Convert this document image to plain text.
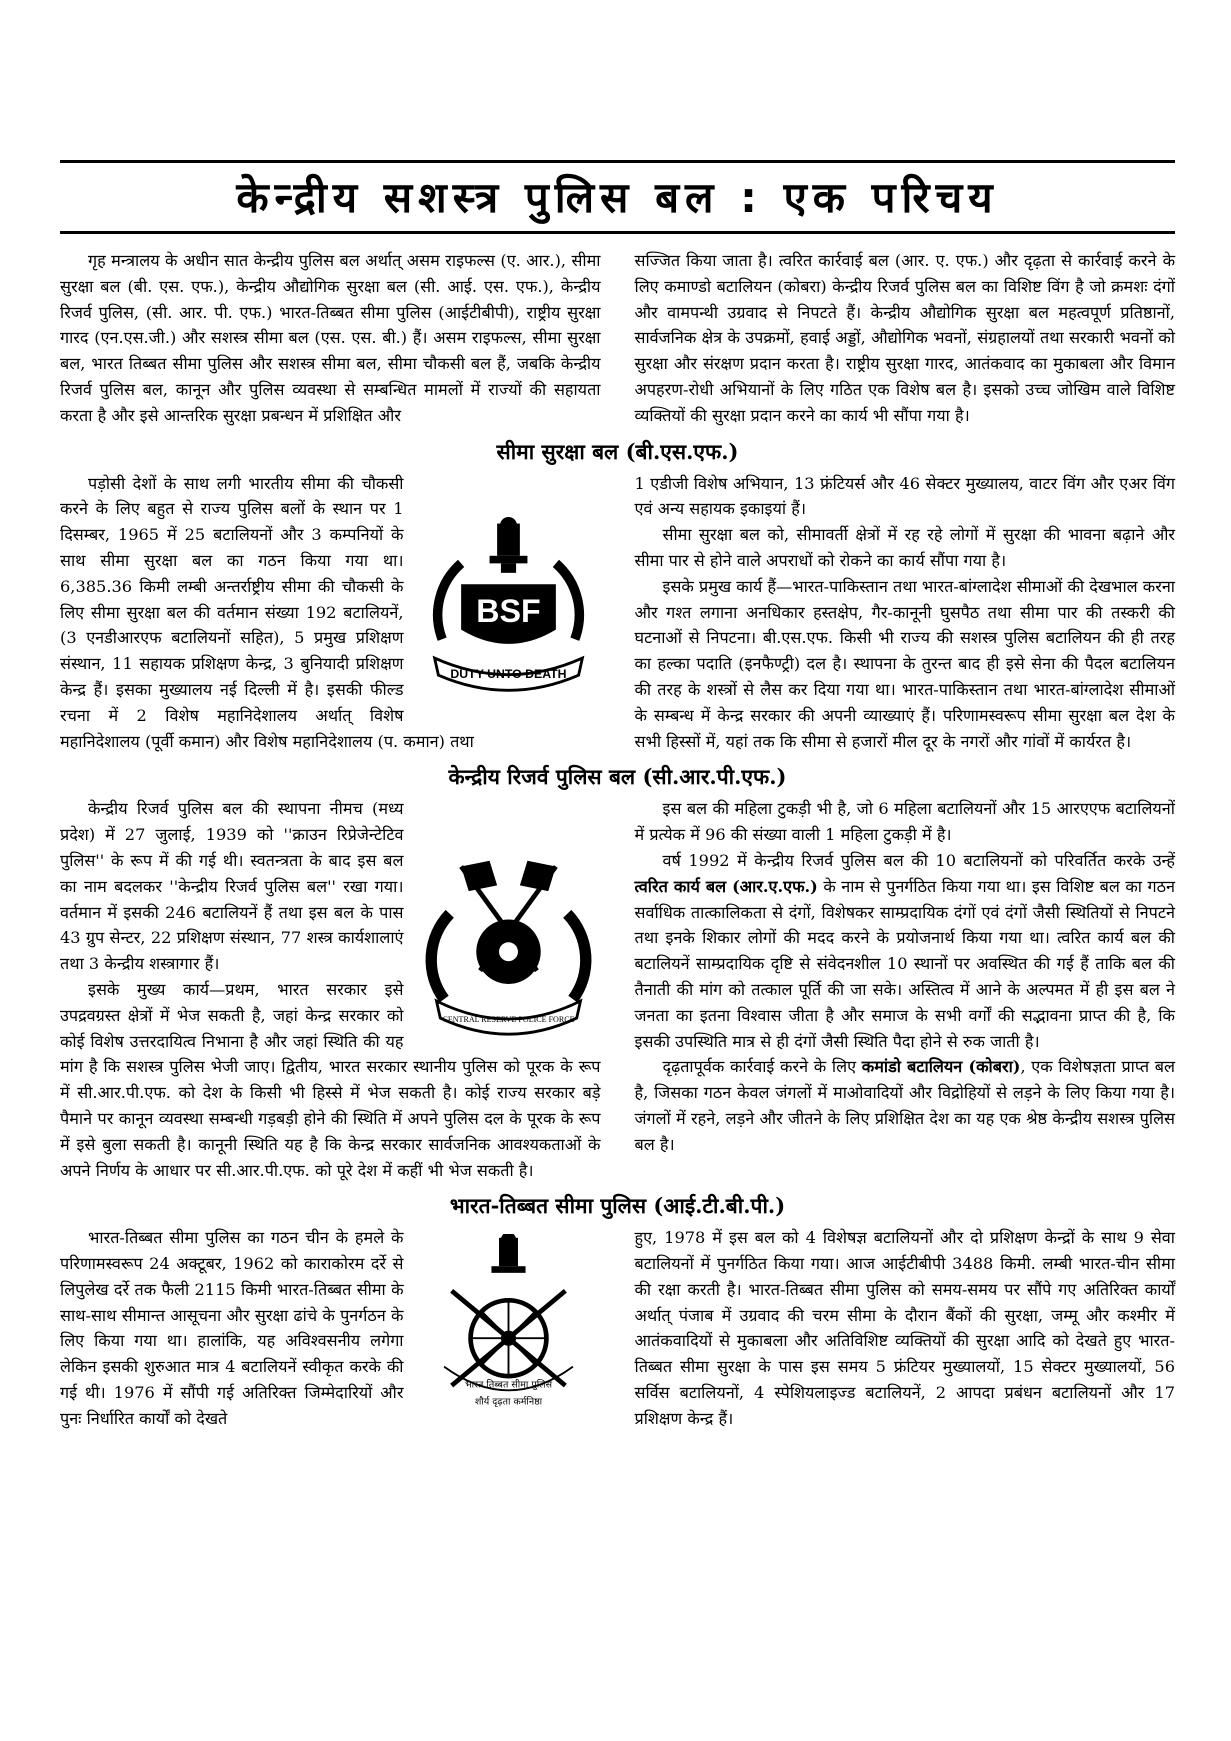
केन्द्रीय सशस्त्र पुलिस बल : एक परिचय

गृह मन्त्रालय के अधीन सात केन्द्रीय पुलिस बल अर्थात् असम राइफल्स (ए. आर.), सीमा सुरक्षा बल (बी. एस. एफ.), केन्द्रीय औद्योगिक सुरक्षा बल (सी. आई. एस. एफ.), केन्द्रीय रिजर्व पुलिस, (सी. आर. पी. एफ.) भारत-तिब्बत सीमा पुलिस (आईटीबीपी), राष्ट्रीय सुरक्षा गारद (एन.एस.जी.) और सशस्त्र सीमा बल (एस. एस. बी.) हैं। असम राइफल्स, सीमा सुरक्षा बल, भारत तिब्बत सीमा पुलिस और सशस्त्र सीमा बल, सीमा चौकसी बल हैं, जबकि केन्द्रीय रिजर्व पुलिस बल, कानून और पुलिस व्यवस्था से सम्बन्धित मामलों में राज्यों की सहायता करता है और इसे आन्तरिक सुरक्षा प्रबन्धन में प्रशिक्षित और

सज्जित किया जाता है। त्वरित कार्रवाई बल (आर. ए. एफ.) और दृढ़ता से कार्रवाई करने के लिए कमाण्डो बटालियन (कोबरा) केन्द्रीय रिजर्व पुलिस बल का विशिष्ट विंग है जो क्रमशः दंगों और वामपन्थी उग्रवाद से निपटते हैं। केन्द्रीय औद्योगिक सुरक्षा बल महत्वपूर्ण प्रतिष्ठानों, सार्वजनिक क्षेत्र के उपक्रमों, हवाई अड्डों, औद्योगिक भवनों, संग्रहालयों तथा सरकारी भवनों को सुरक्षा और संरक्षण प्रदान करता है। राष्ट्रीय सुरक्षा गारद, आतंकवाद का मुकाबला और विमान अपहरण-रोधी अभियानों के लिए गठित एक विशेष बल है। इसको उच्च जोखिम वाले विशिष्ट व्यक्तियों की सुरक्षा प्रदान करने का कार्य भी सौंपा गया है।

सीमा सुरक्षा बल (बी.एस.एफ.)
BSF
DUTY UNTO DEATH

पड़ोसी देशों के साथ लगी भारतीय सीमा की चौकसी करने के लिए बहुत से राज्य पुलिस बलों के स्थान पर 1 दिसम्बर, 1965 में 25 बटालियनों और 3 कम्पनियों के साथ सीमा सुरक्षा बल का गठन किया गया था। 6,385.36 किमी लम्बी अन्तर्राष्ट्रीय सीमा की चौकसी के लिए सीमा सुरक्षा बल की वर्तमान संख्या 192 बटालियनें, (3 एनडीआरएफ बटालियनों सहित), 5 प्रमुख प्रशिक्षण संस्थान, 11 सहायक प्रशिक्षण केन्द्र, 3 बुनियादी प्रशिक्षण केन्द्र हैं। इसका मुख्यालय नई दिल्ली में है। इसकी फील्ड रचना में 2 विशेष महानिदेशालय अर्थात् विशेष महानिदेशालय (पूर्वी कमान) और विशेष महानिदेशालय (प. कमान) तथा

1 एडीजी विशेष अभियान, 13 फ्रंटियर्स और 46 सेक्टर मुख्यालय, वाटर विंग और एअर विंग एवं अन्य सहायक इकाइयां हैं।

सीमा सुरक्षा बल को, सीमावर्ती क्षेत्रों में रह रहे लोगों में सुरक्षा की भावना बढ़ाने और सीमा पार से होने वाले अपराधों को रोकने का कार्य सौंपा गया है।

इसके प्रमुख कार्य हैं—भारत-पाकिस्तान तथा भारत-बांग्लादेश सीमाओं की देखभाल करना और गश्त लगाना अनधिकार हस्तक्षेप, गैर-कानूनी घुसपैठ तथा सीमा पार की तस्करी की घटनाओं से निपटना। बी.एस.एफ. किसी भी राज्य की सशस्त्र पुलिस बटालियन की ही तरह का हल्का पदाति (इनफैण्ट्री) दल है। स्थापना के तुरन्त बाद ही इसे सेना की पैदल बटालियन की तरह के शस्त्रों से लैस कर दिया गया था। भारत-पाकिस्तान तथा भारत-बांग्लादेश सीमाओं के सम्बन्ध में केन्द्र सरकार की अपनी व्याख्याएं हैं। परिणामस्वरूप सीमा सुरक्षा बल देश के सभी हिस्सों में, यहां तक कि सीमा से हजारों मील दूर के नगरों और गांवों में कार्यरत है।

केन्द्रीय रिजर्व पुलिस बल (सी.आर.पी.एफ.)
CENTRAL RESERVE POLICE FORCE

केन्द्रीय रिजर्व पुलिस बल की स्थापना नीमच (मध्य प्रदेश) में 27 जुलाई, 1939 को ''क्राउन रिप्रेजेन्टेटिव पुलिस'' के रूप में की गई थी। स्वतन्त्रता के बाद इस बल का नाम बदलकर ''केन्द्रीय रिजर्व पुलिस बल'' रखा गया। वर्तमान में इसकी 246 बटालियनें हैं तथा इस बल के पास 43 ग्रुप सेन्टर, 22 प्रशिक्षण संस्थान, 77 शस्त्र कार्यशालाएं तथा 3 केन्द्रीय शस्त्रागार हैं।

इसके मुख्य कार्य—प्रथम, भारत सरकार इसे उपद्रवग्रस्त क्षेत्रों में भेज सकती है, जहां केन्द्र सरकार को कोई विशेष उत्तरदायित्व निभाना है और जहां स्थिति की यह मांग है कि सशस्त्र पुलिस भेजी जाए। द्वितीय, भारत सरकार स्थानीय पुलिस को पूरक के रूप में सी.आर.पी.एफ. को देश के किसी भी हिस्से में भेज सकती है। कोई राज्य सरकार बड़े पैमाने पर कानून व्यवस्था सम्बन्धी गड़बड़ी होने की स्थिति में अपने पुलिस दल के पूरक के रूप में इसे बुला सकती है। कानूनी स्थिति यह है कि केन्द्र सरकार सार्वजनिक आवश्यकताओं के अपने निर्णय के आधार पर सी.आर.पी.एफ. को पूरे देश में कहीं भी भेज सकती है।

इस बल की महिला टुकड़ी भी है, जो 6 महिला बटालियनों और 15 आरएएफ बटालियनों में प्रत्येक में 96 की संख्या वाली 1 महिला टुकड़ी में है।

वर्ष 1992 में केन्द्रीय रिजर्व पुलिस बल की 10 बटालियनों को परिवर्तित करके उन्हें त्वरित कार्य बल (आर.ए.एफ.) के नाम से पुनर्गठित किया गया था। इस विशिष्ट बल का गठन सर्वाधिक तात्कालिकता से दंगों, विशेषकर साम्प्रदायिक दंगों एवं दंगों जैसी स्थितियों से निपटने तथा इनके शिकार लोगों की मदद करने के प्रयोजनार्थ किया गया था। त्वरित कार्य बल की बटालियनें साम्प्रदायिक दृष्टि से संवेदनशील 10 स्थानों पर अवस्थित की गई हैं ताकि बल की तैनाती की मांग को तत्काल पूर्ति की जा सके। अस्तित्व में आने के अल्पमत में ही इस बल ने जनता का इतना विश्वास जीता है और समाज के सभी वर्गों की सद्भावना प्राप्त की है, कि इसकी उपस्थिति मात्र से ही दंगों जैसी स्थिति पैदा होने से रुक जाती है।

दृढ़तापूर्वक कार्रवाई करने के लिए कमांडो बटालियन (कोबरा), एक विशेषज्ञता प्राप्त बल है, जिसका गठन केवल जंगलों में माओवादियों और विद्रोहियों से लड़ने के लिए किया गया है। जंगलों में रहने, लड़ने और जीतने के लिए प्रशिक्षित देश का यह एक श्रेष्ठ केन्द्रीय सशस्त्र पुलिस बल है।

भारत-तिब्बत सीमा पुलिस (आई.टी.बी.पी.)
भारत तिब्बत सीमा पुलिस
शौर्य दृढ़ता कर्मनिष्ठा

भारत-तिब्बत सीमा पुलिस का गठन चीन के हमले के परिणामस्वरूप 24 अक्टूबर, 1962 को काराकोरम दर्रे से लिपुलेख दर्रे तक फैली 2115 किमी भारत-तिब्बत सीमा के साथ-साथ सीमान्त आसूचना और सुरक्षा ढांचे के पुनर्गठन के लिए किया गया था। हालांकि, यह अविश्वसनीय लगेगा लेकिन इसकी शुरुआत मात्र 4 बटालियनें स्वीकृत करके की गई थी। 1976 में सौंपी गई अतिरिक्त जिम्मेदारियों और पुनः निर्धारित कार्यों को देखते

हुए, 1978 में इस बल को 4 विशेषज्ञ बटालियनों और दो प्रशिक्षण केन्द्रों के साथ 9 सेवा बटालियनों में पुनर्गठित किया गया। आज आईटीबीपी 3488 किमी. लम्बी भारत-चीन सीमा की रक्षा करती है। भारत-तिब्बत सीमा पुलिस को समय-समय पर सौंपे गए अतिरिक्त कार्यों अर्थात् पंजाब में उग्रवाद की चरम सीमा के दौरान बैंकों की सुरक्षा, जम्मू और कश्मीर में आतंकवादियों से मुकाबला और अतिविशिष्ट व्यक्तियों की सुरक्षा आदि को देखते हुए भारत-तिब्बत सीमा सुरक्षा के पास इस समय 5 फ्रंटियर मुख्यालयों, 15 सेक्टर मुख्यालयों, 56 सर्विस बटालियनों, 4 स्पेशियलाइज्ड बटालियनें, 2 आपदा प्रबंधन बटालियनों और 17 प्रशिक्षण केन्द्र हैं।
